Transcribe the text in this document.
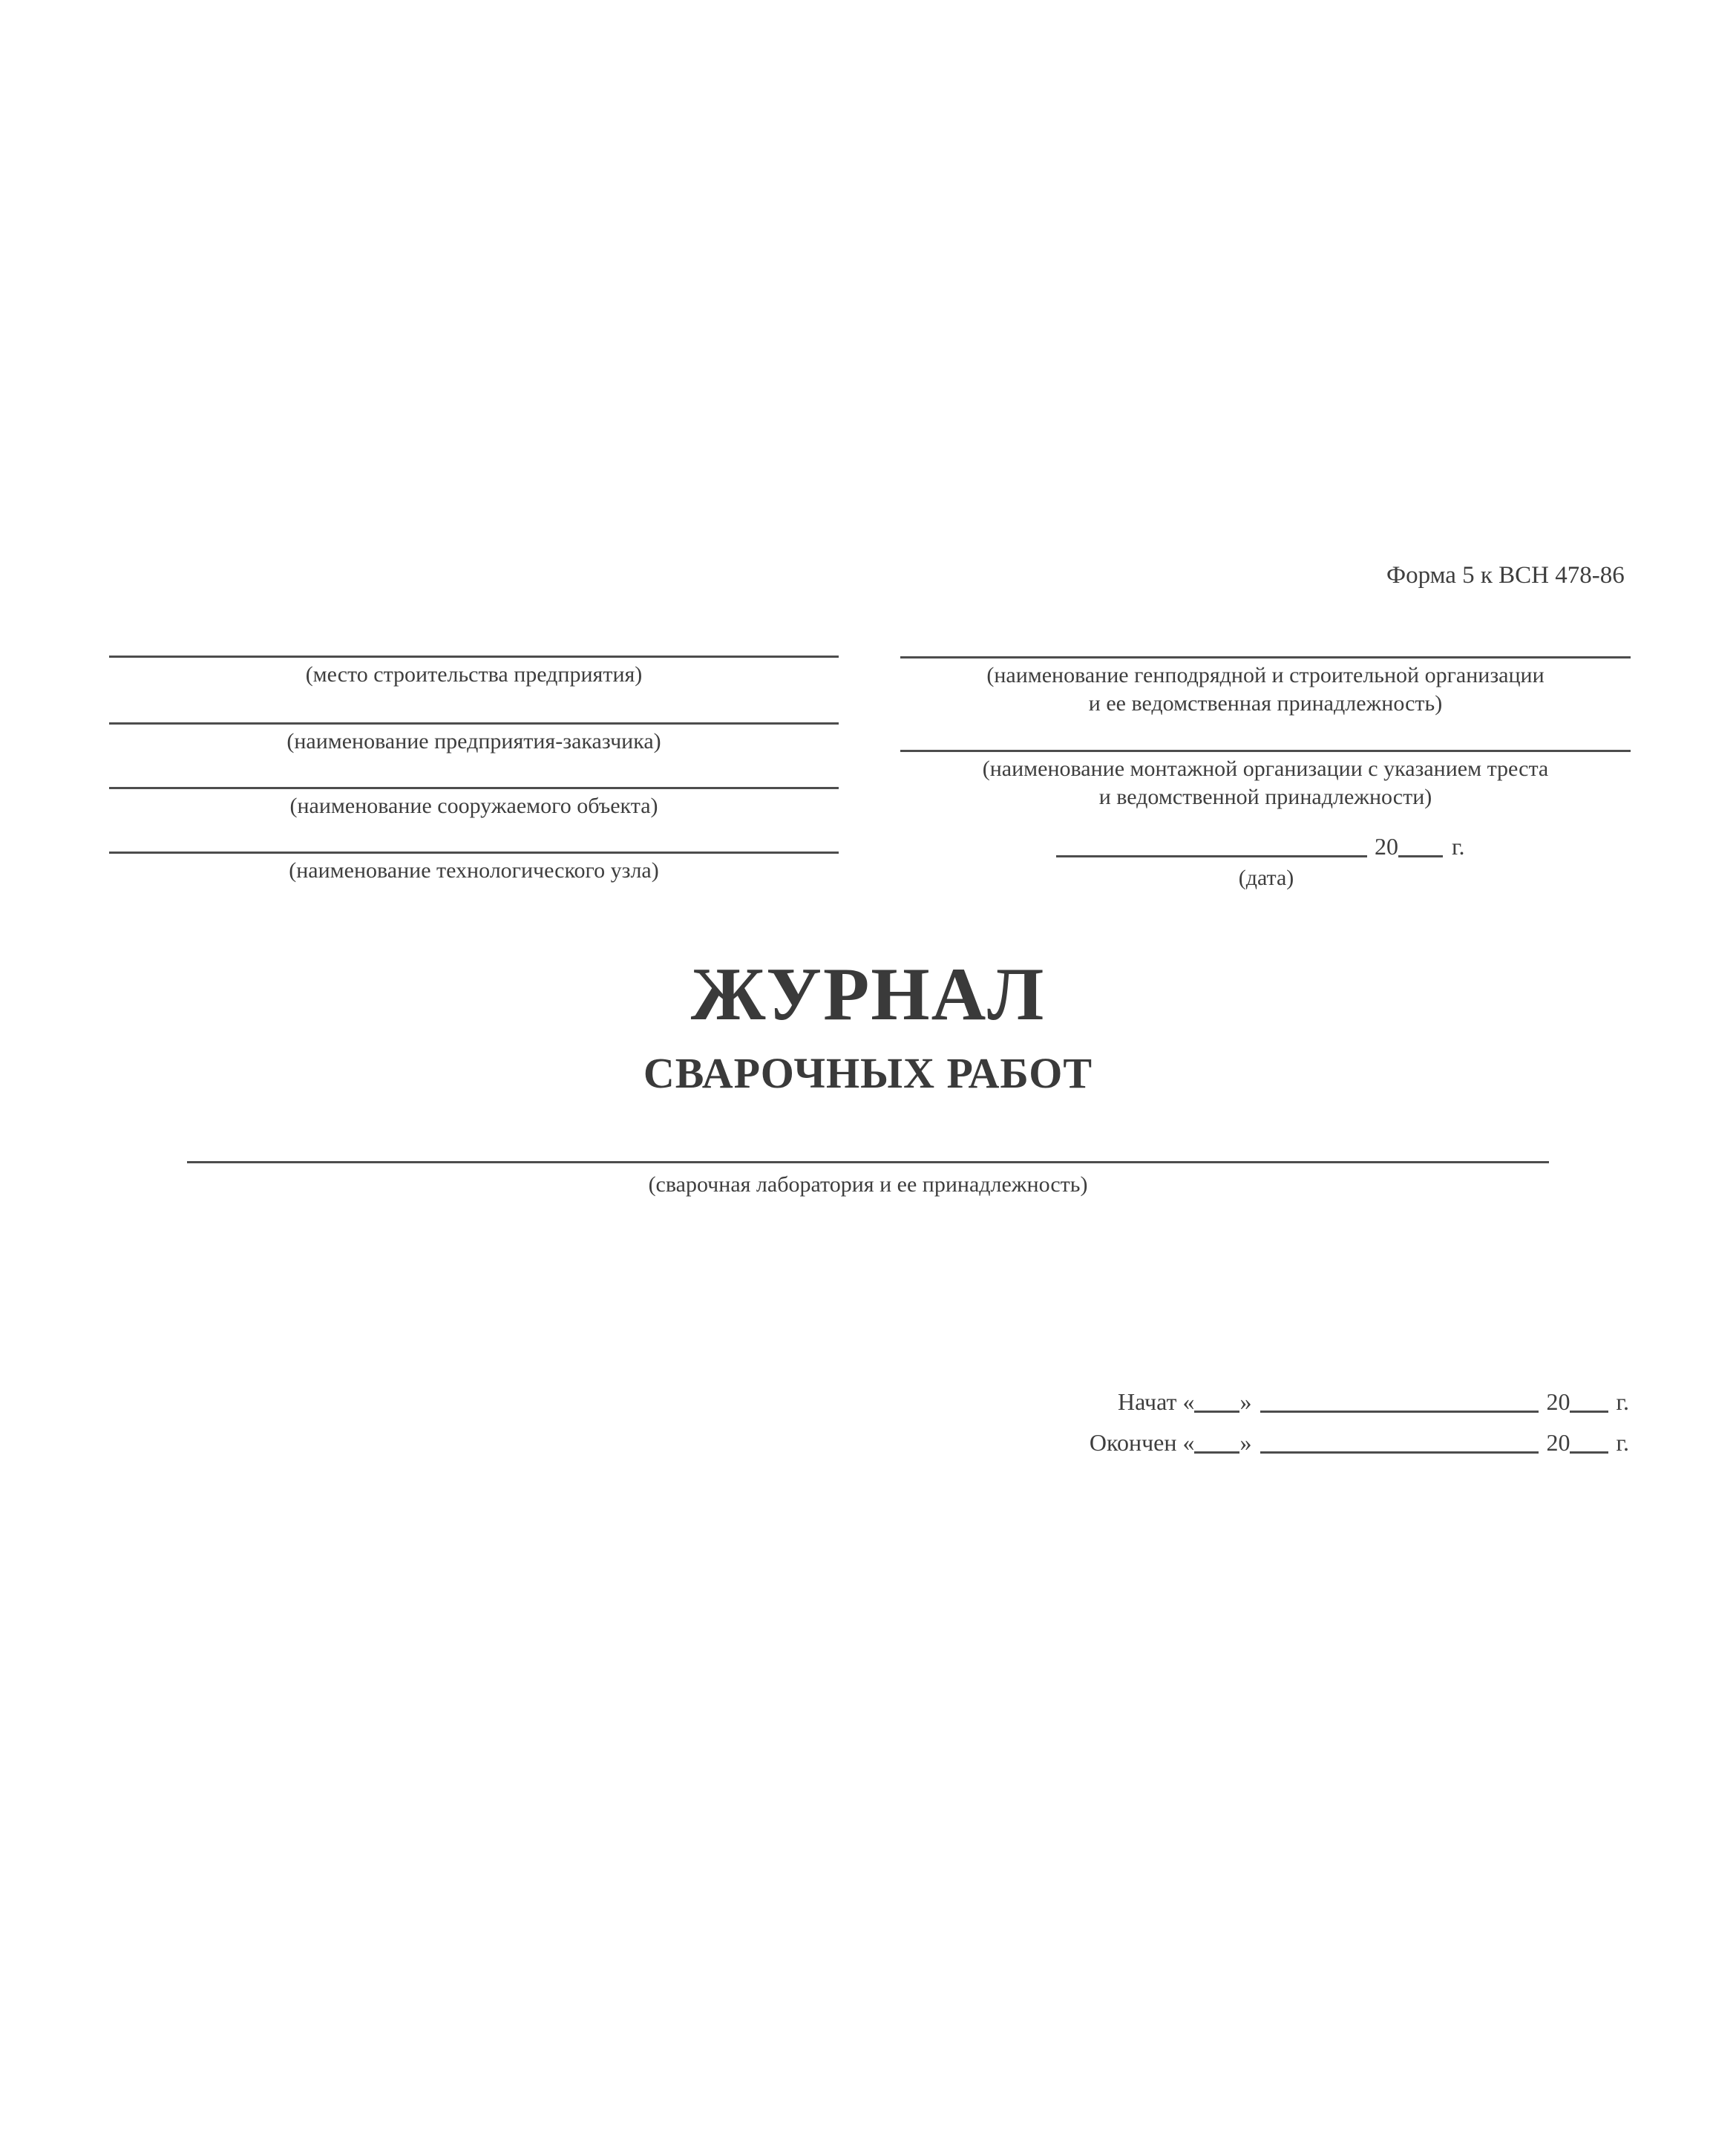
Форма 5 к ВСН 478-86
(место строительства предприятия)
(наименование предприятия-заказчика)
(наименование сооружаемого объекта)
(наименование технологического узла)
(наименование генподрядной и строительной организации
и ее ведомственная принадлежность)
(наименование монтажной организации с указанием треста
и ведомственной принадлежности)
20 г.
(дата)
ЖУРНАЛ
СВАРОЧНЫХ РАБОТ
(сварочная лаборатория и ее принадлежность)
Начат « »	20 г.
Окончен « »	20 г.
